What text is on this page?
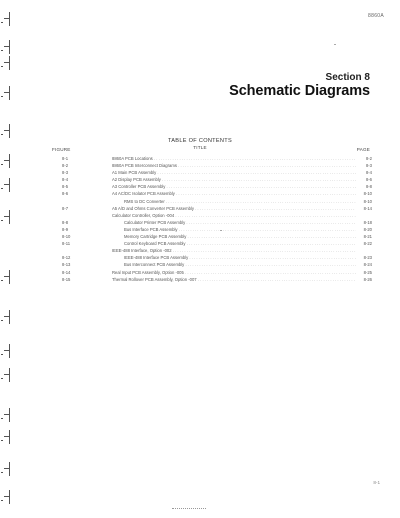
8860A
Section 8
Schematic Diagrams
TABLE OF CONTENTS
FIGURE	TITLE	PAGE
8-1	8860A PCB Locations . . .	8-2
8-2	8860A PCB Interconnect Diagrams . . .	8-3
8-3	A1 Main PCB Assembly . . .	8-4
8-4	A2 Display PCB Assembly . . .	8-6
8-5	A3 Controller PCB Assembly . . .	8-8
8-6	A4 AC/DC Isolator PCB Assembly . . .	8-10
RMS to DC Converter . . .	8-10
8-7	A5 A/D and Ohms Converter PCB Assembly . . .	8-14
Calculator Controller, Option -004 . . .
8-8	Calculator Printer PCB Assembly . . .	8-18
8-9	Bus Interface PCB Assembly . . .	8-20
8-10	Memory Cartridge PCB Assembly . . .	8-21
8-11	Control Keyboard PCB Assembly . . .	8-22
IEEE-488 Interface, Option -002 . . .
8-12	IEEE-488 Interface PCB Assembly . . .	8-23
8-13	Bus Interconnect PCB Assembly . . .	8-24
8-14	Real Input PCB Assembly, Option -005 . . .	8-25
8-15	Thermal Rollover PCB Assembly, Option -007 . . .	8-26
8-1
